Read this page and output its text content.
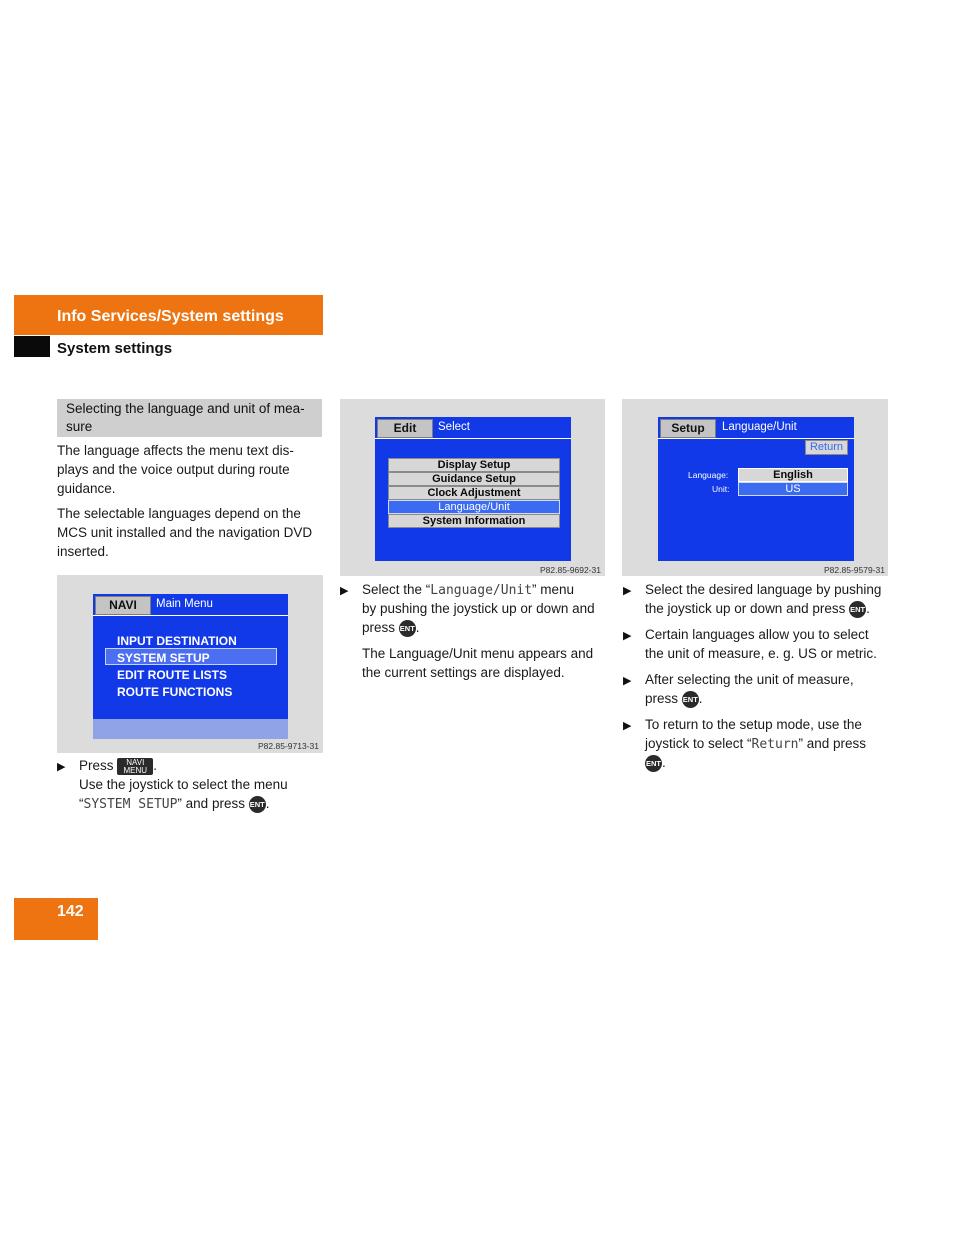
Info Services/System settings
System settings
Selecting the language and unit of mea- sure
The language affects the menu text dis- plays and the voice output during route guidance.
The selectable languages depend on the MCS unit installed and the navigation DVD inserted.
NAVI	Main Menu
INPUT DESTINATION
SYSTEM SETUP
EDIT ROUTE LISTS
ROUTE FUNCTIONS
P82.85-9713-31
▶ Press NAVI
MENU .
Use the joystick to select the menu
“SYSTEM SETUP” and press ENT.
Edit	Select
Display Setup
Guidance Setup
Clock Adjustment
Language/Unit
System Information
P82.85-9692-31
▶ Select the “Language/Unit” menu
by pushing the joystick up or down and
press ENT.
The Language/Unit menu appears and
the current settings are displayed.
Setup	Language/Unit
Return
Language:	English
Unit:	US
P82.85-9579-31
▶ Select the desired language by pushing
the joystick up or down and press ENT.
▶ Certain languages allow you to select
the unit of measure, e. g. US or metric.
▶ After selecting the unit of measure,
press ENT.
▶ To return to the setup mode, use the
joystick to select “Return” and press
ENT.
142
